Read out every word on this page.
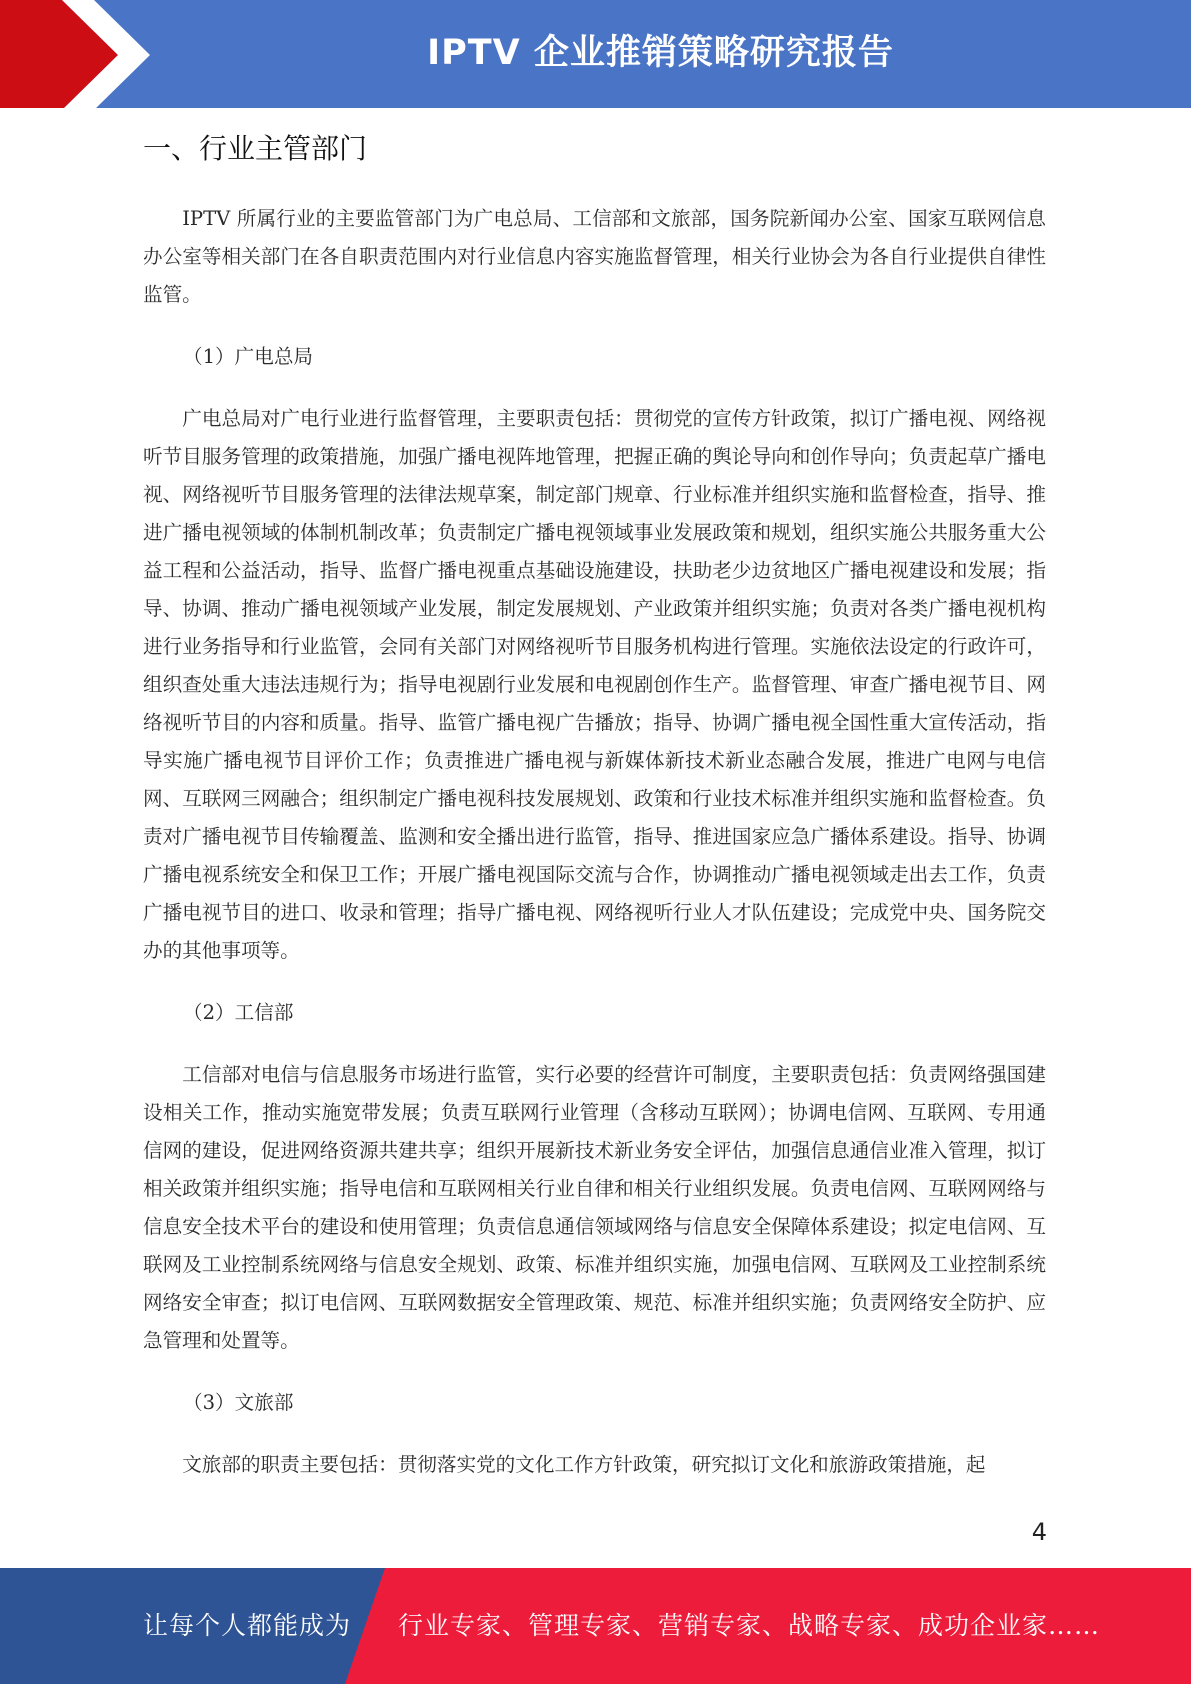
IPTV 企业推销策略研究报告
一、行业主管部门

IPTV 所属行业的主要监管部门为广电总局、工信部和文旅部，国务院新闻办公室、国家互联网信息办公室等相关部门在各自职责范围内对行业信息内容实施监督管理，相关行业协会为各自行业提供自律性监管。

（1）广电总局

广电总局对广电行业进行监督管理，主要职责包括：贯彻党的宣传方针政策，拟订广播电视、网络视听节目服务管理的政策措施，加强广播电视阵地管理，把握正确的舆论导向和创作导向；负责起草广播电视、网络视听节目服务管理的法律法规草案，制定部门规章、行业标准并组织实施和监督检查，指导、推进广播电视领域的体制机制改革；负责制定广播电视领域事业发展政策和规划，组织实施公共服务重大公益工程和公益活动，指导、监督广播电视重点基础设施建设，扶助老少边贫地区广播电视建设和发展；指导、协调、推动广播电视领域产业发展，制定发展规划、产业政策并组织实施；负责对各类广播电视机构进行业务指导和行业监管，会同有关部门对网络视听节目服务机构进行管理。实施依法设定的行政许可，组织查处重大违法违规行为；指导电视剧行业发展和电视剧创作生产。监督管理、审查广播电视节目、网络视听节目的内容和质量。指导、监管广播电视广告播放；指导、协调广播电视全国性重大宣传活动，指导实施广播电视节目评价工作；负责推进广播电视与新媒体新技术新业态融合发展，推进广电网与电信网、互联网三网融合；组织制定广播电视科技发展规划、政策和行业技术标准并组织实施和监督检查。负责对广播电视节目传输覆盖、监测和安全播出进行监管，指导、推进国家应急广播体系建设。指导、协调广播电视系统安全和保卫工作；开展广播电视国际交流与合作，协调推动广播电视领域走出去工作，负责广播电视节目的进口、收录和管理；指导广播电视、网络视听行业人才队伍建设；完成党中央、国务院交办的其他事项等。

（2）工信部

工信部对电信与信息服务市场进行监管，实行必要的经营许可制度，主要职责包括：负责网络强国建设相关工作，推动实施宽带发展；负责互联网行业管理（含移动互联网）；协调电信网、互联网、专用通信网的建设，促进网络资源共建共享；组织开展新技术新业务安全评估，加强信息通信业准入管理，拟订相关政策并组织实施；指导电信和互联网相关行业自律和相关行业组织发展。负责电信网、互联网网络与信息安全技术平台的建设和使用管理；负责信息通信领域网络与信息安全保障体系建设；拟定电信网、互联网及工业控制系统网络与信息安全规划、政策、标准并组织实施，加强电信网、互联网及工业控制系统网络安全审查；拟订电信网、互联网数据安全管理政策、规范、标准并组织实施；负责网络安全防护、应急管理和处置等。

（3）文旅部

文旅部的职责主要包括：贯彻落实党的文化工作方针政策，研究拟订文化和旅游政策措施，起

4
让每个人都能成为 行业专家、管理专家、营销专家、战略专家、成功企业家……
